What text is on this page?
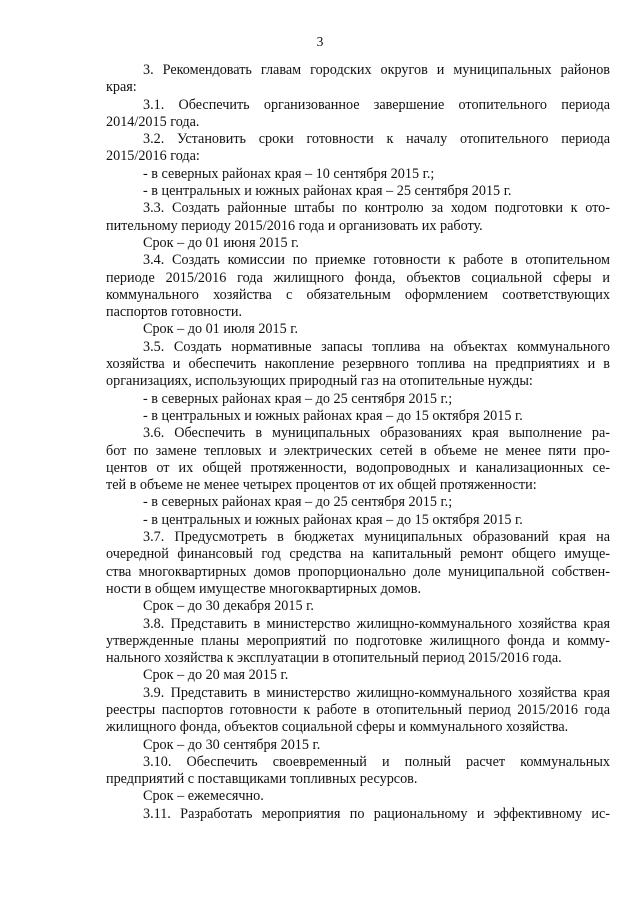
3
3. Рекомендовать главам городских округов и муниципальных районов
края:
3.1. Обеспечить организованное завершение отопительного периода
2014/2015 года.
3.2. Установить сроки готовности к началу отопительного периода
2015/2016 года:
- в северных районах края – 10 сентября 2015 г.;
- в центральных и южных районах края – 25 сентября 2015 г.
3.3. Создать районные штабы по контролю за ходом подготовки к ото-
пительному периоду 2015/2016 года и организовать их работу.
Срок – до 01 июня 2015 г.
3.4. Создать комиссии по приемке готовности к работе в отопительном
периоде 2015/2016 года жилищного фонда, объектов социальной сферы и
коммунального хозяйства с обязательным оформлением соответствующих
паспортов готовности.
Срок – до 01 июля 2015 г.
3.5. Создать нормативные запасы топлива на объектах коммунального
хозяйства и обеспечить накопление резервного топлива на предприятиях и в
организациях, использующих природный газ на отопительные нужды:
- в северных районах края – до 25 сентября 2015 г.;
- в центральных и южных районах края – до 15 октября 2015 г.
3.6. Обеспечить в муниципальных образованиях края выполнение ра-
бот по замене тепловых и электрических сетей в объеме не менее пяти про-
центов от их общей протяженности, водопроводных и канализационных се-
тей в объеме не менее четырех процентов от их общей протяженности:
- в северных районах края – до 25 сентября 2015 г.;
- в центральных и южных районах края – до 15 октября 2015 г.
3.7. Предусмотреть в бюджетах муниципальных образований края на
очередной финансовый год средства на капитальный ремонт общего имуще-
ства многоквартирных домов пропорционально доле муниципальной собствен-
ности в общем имуществе многоквартирных домов.
Срок – до 30 декабря 2015 г.
3.8. Представить в министерство жилищно-коммунального хозяйства края
утвержденные планы мероприятий по подготовке жилищного фонда и комму-
нального хозяйства к эксплуатации в отопительный период 2015/2016 года.
Срок – до 20 мая 2015 г.
3.9. Представить в министерство жилищно-коммунального хозяйства края
реестры паспортов готовности к работе в отопительный период 2015/2016 года
жилищного фонда, объектов социальной сферы и коммунального хозяйства.
Срок – до 30 сентября 2015 г.
3.10. Обеспечить своевременный и полный расчет коммунальных
предприятий с поставщиками топливных ресурсов.
Срок – ежемесячно.
3.11. Разработать мероприятия по рациональному и эффективному ис-
